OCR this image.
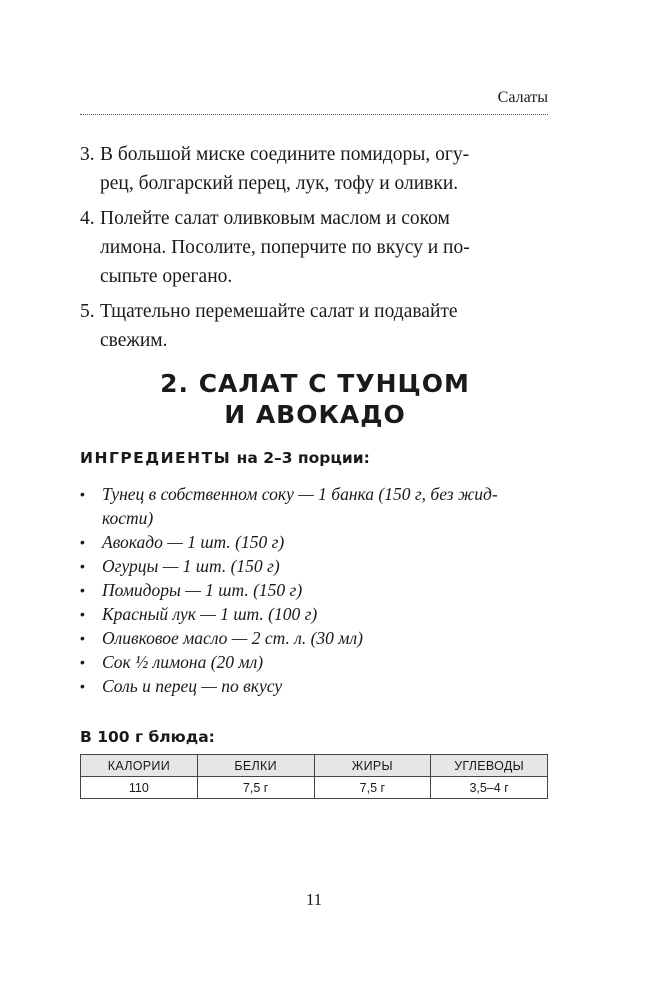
Салаты
3. В большой миске соедините помидоры, огу-
рец, болгарский перец, лук, тофу и оливки.
4. Полейте салат оливковым маслом и соком
лимона. Посолите, поперчите по вкусу и по-
сыпьте орегано.
5. Тщательно перемешайте салат и подавайте
свежим.
2. САЛАТ С ТУНЦОМ
И АВОКАДО
ИНГРЕДИЕНТЫ на 2–3 порции:
• Тунец в собственном соку — 1 банка (150 г, без жид-
кости)
• Авокадо — 1 шт. (150 г)
• Огурцы — 1 шт. (150 г)
• Помидоры — 1 шт. (150 г)
• Красный лук — 1 шт. (100 г)
• Оливковое масло — 2 ст. л. (30 мл)
• Сок ½ лимона (20 мл)
• Соль и перец — по вкусу
В 100 г блюда:
КАЛОРИИ	БЕЛКИ	ЖИРЫ	УГЛЕВОДЫ
110	7,5 г	7,5 г	3,5–4 г
11
